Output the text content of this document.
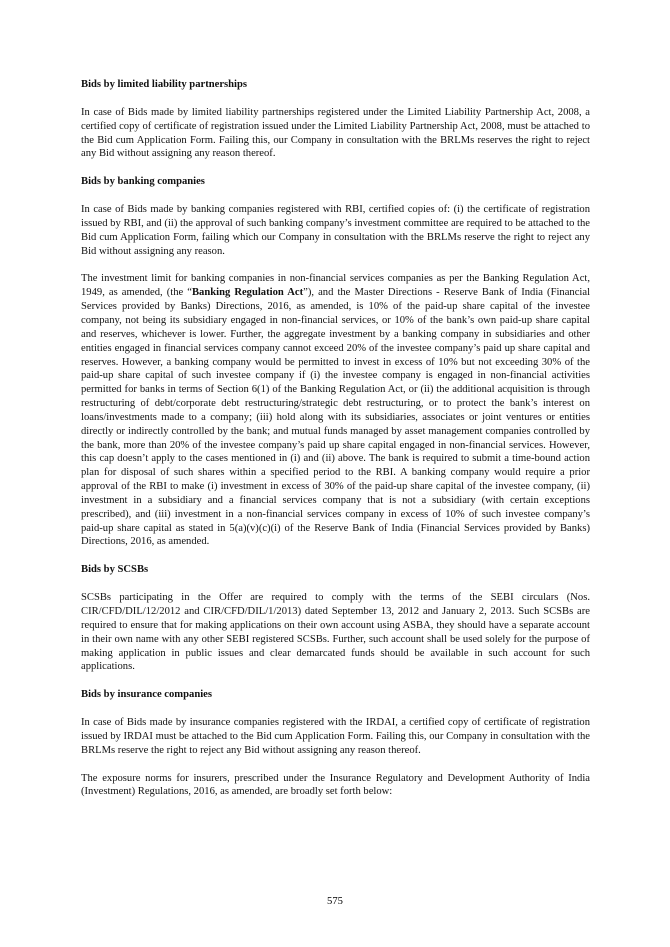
Bids by limited liability partnerships

In case of Bids made by limited liability partnerships registered under the Limited Liability Partnership Act, 2008, a certified copy of certificate of registration issued under the Limited Liability Partnership Act, 2008, must be attached to the Bid cum Application Form. Failing this, our Company in consultation with the BRLMs reserves the right to reject any Bid without assigning any reason thereof.

Bids by banking companies

In case of Bids made by banking companies registered with RBI, certified copies of: (i) the certificate of registration issued by RBI, and (ii) the approval of such banking company’s investment committee are required to be attached to the Bid cum Application Form, failing which our Company in consultation with the BRLMs reserve the right to reject any Bid without assigning any reason.

The investment limit for banking companies in non-financial services companies as per the Banking Regulation Act, 1949, as amended, (the “Banking Regulation Act”), and the Master Directions - Reserve Bank of India (Financial Services provided by Banks) Directions, 2016, as amended, is 10% of the paid-up share capital of the investee company, not being its subsidiary engaged in non-financial services, or 10% of the bank’s own paid-up share capital and reserves, whichever is lower. Further, the aggregate investment by a banking company in subsidiaries and other entities engaged in financial services company cannot exceed 20% of the investee company’s paid up share capital and reserves. However, a banking company would be permitted to invest in excess of 10% but not exceeding 30% of the paid-up share capital of such investee company if (i) the investee company is engaged in non-financial activities permitted for banks in terms of Section 6(1) of the Banking Regulation Act, or (ii) the additional acquisition is through restructuring of debt/corporate debt restructuring/strategic debt restructuring, or to protect the bank’s interest on loans/investments made to a company; (iii) hold along with its subsidiaries, associates or joint ventures or entities directly or indirectly controlled by the bank; and mutual funds managed by asset management companies controlled by the bank, more than 20% of the investee company’s paid up share capital engaged in non-financial services. However, this cap doesn’t apply to the cases mentioned in (i) and (ii) above. The bank is required to submit a time-bound action plan for disposal of such shares within a specified period to the RBI. A banking company would require a prior approval of the RBI to make (i) investment in excess of 30% of the paid-up share capital of the investee company, (ii) investment in a subsidiary and a financial services company that is not a subsidiary (with certain exceptions prescribed), and (iii) investment in a non-financial services company in excess of 10% of such investee company’s paid-up share capital as stated in 5(a)(v)(c)(i) of the Reserve Bank of India (Financial Services provided by Banks) Directions, 2016, as amended.

Bids by SCSBs

SCSBs participating in the Offer are required to comply with the terms of the SEBI circulars (Nos. CIR/CFD/DIL/12/2012 and CIR/CFD/DIL/1/2013) dated September 13, 2012 and January 2, 2013. Such SCSBs are required to ensure that for making applications on their own account using ASBA, they should have a separate account in their own name with any other SEBI registered SCSBs. Further, such account shall be used solely for the purpose of making application in public issues and clear demarcated funds should be available in such account for such applications.

Bids by insurance companies

In case of Bids made by insurance companies registered with the IRDAI, a certified copy of certificate of registration issued by IRDAI must be attached to the Bid cum Application Form. Failing this, our Company in consultation with the BRLMs reserve the right to reject any Bid without assigning any reason thereof.

The exposure norms for insurers, prescribed under the Insurance Regulatory and Development Authority of India (Investment) Regulations, 2016, as amended, are broadly set forth below:

575
